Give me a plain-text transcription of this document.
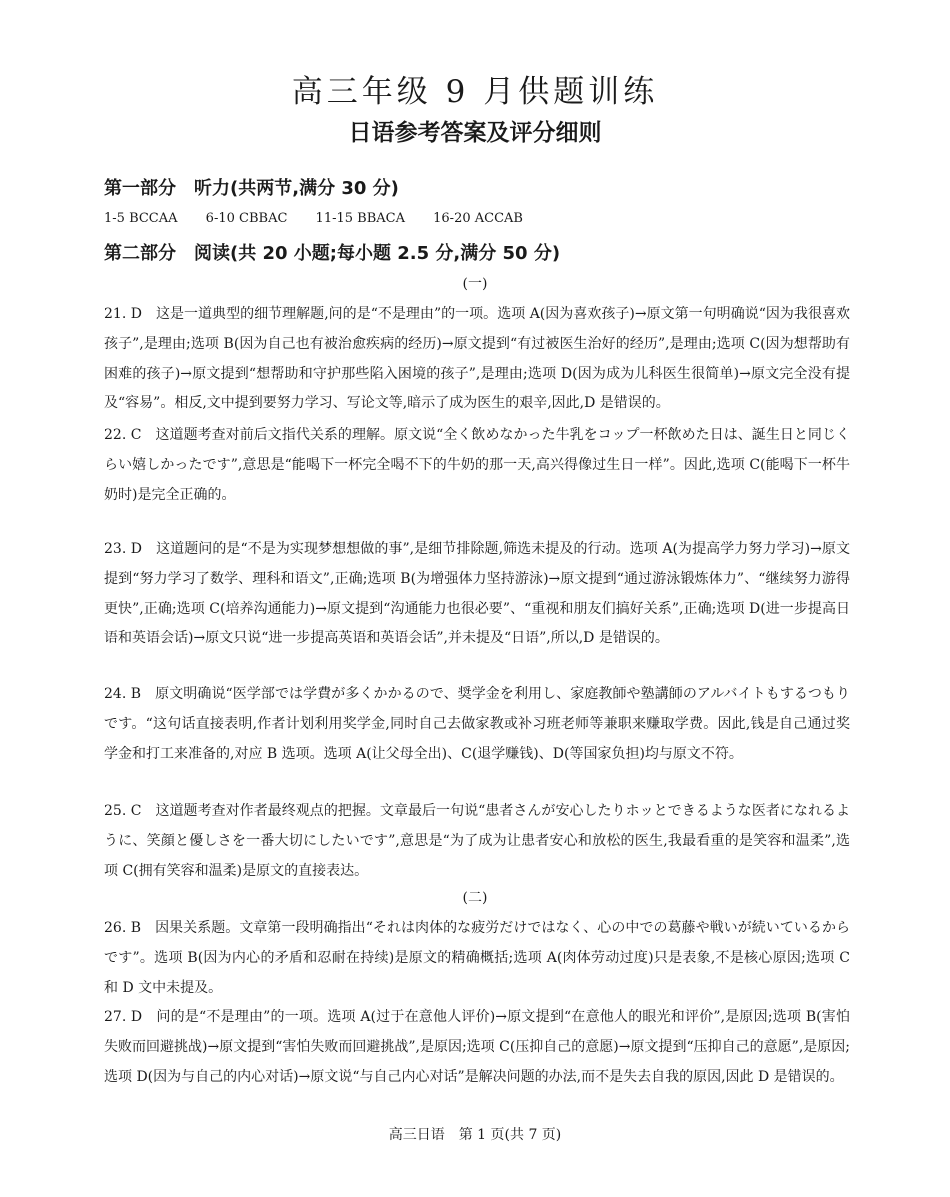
高三年级 9 月供题训练
日语参考答案及评分细则
第一部分　听力(共两节,满分 30 分)
1-5 BCCAA 6-10 CBBAC 11-15 BBACA 16-20 ACCAB
第二部分　阅读(共 20 小题;每小题 2.5 分,满分 50 分)
(一)
21. D 这是一道典型的细节理解题,问的是“不是理由”的一项。选项 A(因为喜欢孩子)→原文第一句明确说“因为我很喜欢孩子”,是理由;选项 B(因为自己也有被治愈疾病的经历)→原文提到“有过被医生治好的经历”,是理由;选项 C(因为想帮助有困难的孩子)→原文提到“想帮助和守护那些陷入困境的孩子”,是理由;选项 D(因为成为儿科医生很简单)→原文完全没有提及“容易”。相反,文中提到要努力学习、写论文等,暗示了成为医生的艰辛,因此,D 是错误的。
22. C 这道题考查对前后文指代关系的理解。原文说“全く飲めなかった牛乳をコップ一杯飲めた日は、誕生日と同じくらい嬉しかったです”,意思是“能喝下一杯完全喝不下的牛奶的那一天,高兴得像过生日一样”。因此,选项 C(能喝下一杯牛奶时)是完全正确的。
23. D 这道题问的是“不是为实现梦想想做的事”,是细节排除题,筛选未提及的行动。选项 A(为提高学力努力学习)→原文提到“努力学习了数学、理科和语文”,正确;选项 B(为增强体力坚持游泳)→原文提到“通过游泳锻炼体力”、“继续努力游得更快”,正确;选项 C(培养沟通能力)→原文提到“沟通能力也很必要”、“重视和朋友们搞好关系”,正确;选项 D(进一步提高日语和英语会话)→原文只说“进一步提高英语和英语会话”,并未提及“日语”,所以,D 是错误的。
24. B 原文明确说“医学部では学費が多くかかるので、奨学金を利用し、家庭教師や塾講師のアルバイトもするつもりです。“这句话直接表明,作者计划利用奖学金,同时自己去做家教或补习班老师等兼职来赚取学费。因此,钱是自己通过奖学金和打工来准备的,对应 B 选项。选项 A(让父母全出)、C(退学赚钱)、D(等国家负担)均与原文不符。
25. C 这道题考查对作者最终观点的把握。文章最后一句说“患者さんが安心したりホッとできるような医者になれるように、笑顔と優しさを一番大切にしたいです”,意思是“为了成为让患者安心和放松的医生,我最看重的是笑容和温柔”,选项 C(拥有笑容和温柔)是原文的直接表达。
(二)
26. B 因果关系题。文章第一段明确指出“それは肉体的な疲労だけではなく、心の中での葛藤や戦いが続いているからです”。选项 B(因为内心的矛盾和忍耐在持续)是原文的精确概括;选项 A(肉体劳动过度)只是表象,不是核心原因;选项 C 和 D 文中未提及。
27. D 问的是“不是理由”的一项。选项 A(过于在意他人评价)→原文提到“在意他人的眼光和评价”,是原因;选项 B(害怕失败而回避挑战)→原文提到“害怕失败而回避挑战”,是原因;选项 C(压抑自己的意愿)→原文提到“压抑自己的意愿”,是原因;选项 D(因为与自己的内心对话)→原文说“与自己内心对话”是解决问题的办法,而不是失去自我的原因,因此 D 是错误的。
高三日语　第 1 页(共 7 页)
